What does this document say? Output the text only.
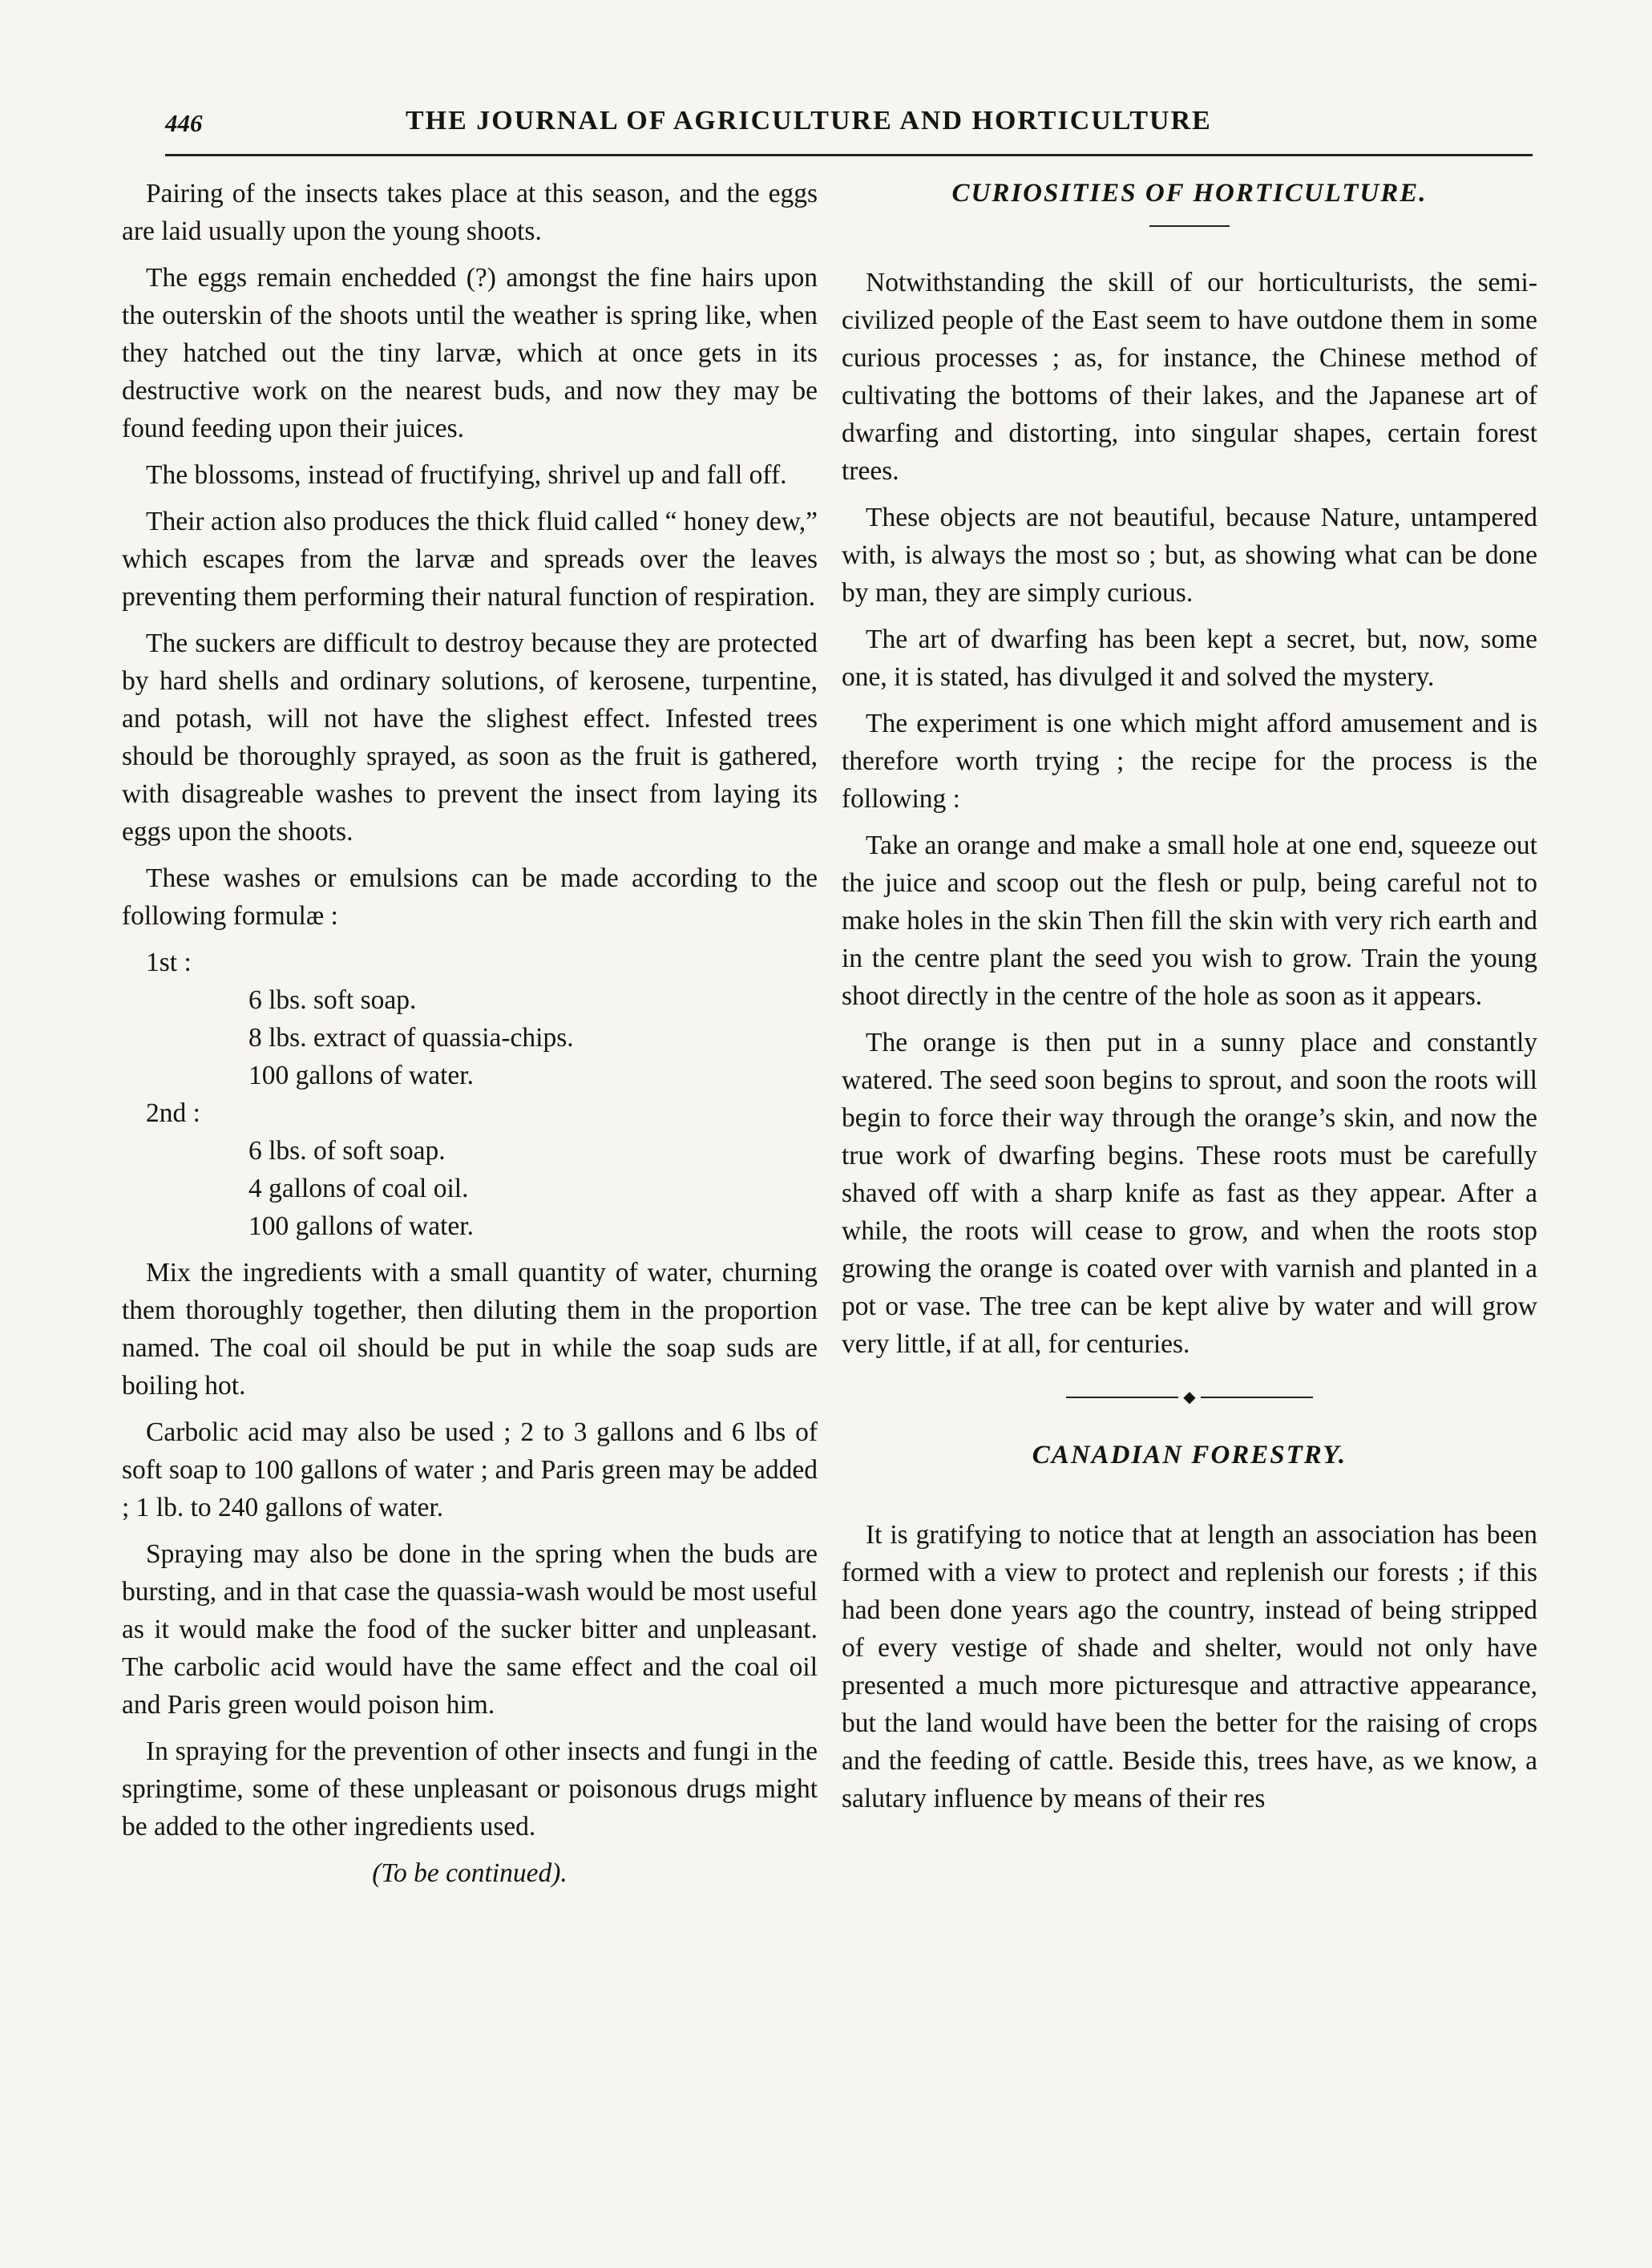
446	THE JOURNAL OF AGRICULTURE AND HORTICULTURE

Pairing of the insects takes place at this season, and the eggs are laid usually upon the young shoots.

The eggs remain enchedded (?) amongst the fine hairs upon the outerskin of the shoots until the weather is spring like, when they hatched out the tiny larvæ, which at once gets in its destructive work on the nearest buds, and now they may be found feeding upon their juices.

The blossoms, instead of fructifying, shrivel up and fall off.

Their action also produces the thick fluid called “ honey dew,” which escapes from the larvæ and spreads over the leaves preventing them performing their natural function of respiration.

The suckers are difficult to destroy because they are protected by hard shells and ordinary solutions, of kerosene, turpentine, and potash, will not have the slighest effect. Infested trees should be thoroughly sprayed, as soon as the fruit is gathered, with disagreable washes to prevent the insect from laying its eggs upon the shoots.

These washes or emulsions can be made according to the following formulæ :

1st :
6 lbs. soft soap.
8 lbs. extract of quassia-chips.
100 gallons of water.
2nd :
6 lbs. of soft soap.
4 gallons of coal oil.
100 gallons of water.

Mix the ingredients with a small quantity of water, churning them thoroughly together, then diluting them in the proportion named. The coal oil should be put in while the soap suds are boiling hot.

Carbolic acid may also be used ; 2 to 3 gallons and 6 lbs of soft soap to 100 gallons of water ; and Paris green may be added ; 1 lb. to 240 gallons of water.

Spraying may also be done in the spring when the buds are bursting, and in that case the quassia-wash would be most useful as it would make the food of the sucker bitter and unpleasant. The carbolic acid would have the same effect and the coal oil and Paris green would poison him.

In spraying for the prevention of other insects and fungi in the springtime, some of these unpleasant or poisonous drugs might be added to the other ingredients used.

(To be continued).
CURIOSITIES OF HORTICULTURE.

Notwithstanding the skill of our horticulturists, the semi-civilized people of the East seem to have outdone them in some curious processes ; as, for instance, the Chinese method of cultivating the bottoms of their lakes, and the Japanese art of dwarfing and distorting, into singular shapes, certain forest trees.

These objects are not beautiful, because Nature, untampered with, is always the most so ; but, as showing what can be done by man, they are simply curious.

The art of dwarfing has been kept a secret, but, now, some one, it is stated, has divulged it and solved the mystery.

The experiment is one which might afford amusement and is therefore worth trying ; the recipe for the process is the following :

Take an orange and make a small hole at one end, squeeze out the juice and scoop out the flesh or pulp, being careful not to make holes in the skin Then fill the skin with very rich earth and in the centre plant the seed you wish to grow. Train the young shoot directly in the centre of the hole as soon as it appears.

The orange is then put in a sunny place and constantly watered. The seed soon begins to sprout, and soon the roots will begin to force their way through the orange’s skin, and now the true work of dwarfing begins. These roots must be carefully shaved off with a sharp knife as fast as they appear. After a while, the roots will cease to grow, and when the roots stop growing the orange is coated over with varnish and planted in a pot or vase. The tree can be kept alive by water and will grow very little, if at all, for centuries.

◆
CANADIAN FORESTRY.

It is gratifying to notice that at length an association has been formed with a view to protect and replenish our forests ; if this had been done years ago the country, instead of being stripped of every vestige of shade and shelter, would not only have presented a much more picturesque and attractive appearance, but the land would have been the better for the raising of crops and the feeding of cattle. Beside this, trees have, as we know, a salutary influence by means of their res
